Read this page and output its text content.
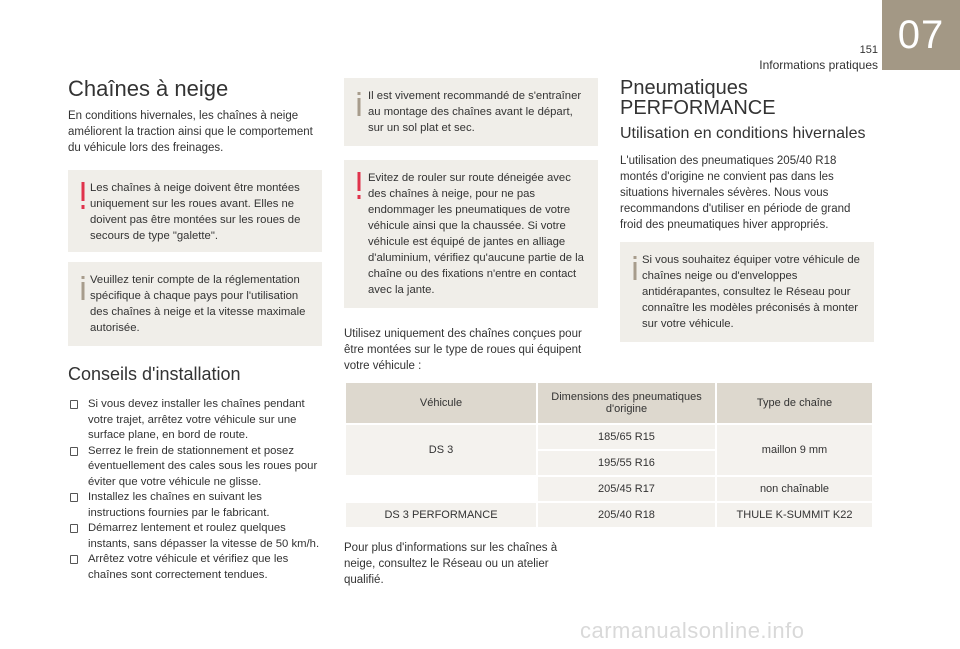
151
Informations pratiques
07
Chaînes à neige
En conditions hivernales, les chaînes à neige améliorent la traction ainsi que le comportement du véhicule lors des freinages.
Les chaînes à neige doivent être montées uniquement sur les roues avant. Elles ne doivent pas être montées sur les roues de secours de type "galette".
Veuillez tenir compte de la réglementation spécifique à chaque pays pour l'utilisation des chaînes à neige et la vitesse maximale autorisée.
Conseils d'installation
Si vous devez installer les chaînes pendant votre trajet, arrêtez votre véhicule sur une surface plane, en bord de route.
Serrez le frein de stationnement et posez éventuellement des cales sous les roues pour éviter que votre véhicule ne glisse.
Installez les chaînes en suivant les instructions fournies par le fabricant.
Démarrez lentement et roulez quelques instants, sans dépasser la vitesse de 50 km/h.
Arrêtez votre véhicule et vérifiez que les chaînes sont correctement tendues.
Il est vivement recommandé de s'entraîner au montage des chaînes avant le départ, sur un sol plat et sec.
Evitez de rouler sur route déneigée avec des chaînes à neige, pour ne pas endommager les pneumatiques de votre véhicule ainsi que la chaussée. Si votre véhicule est équipé de jantes en alliage d'aluminium, vérifiez qu'aucune partie de la chaîne ou des fixations n'entre en contact avec la jante.
Utilisez uniquement des chaînes conçues pour être montées sur le type de roues qui équipent votre véhicule :
Véhicule	Dimensions des pneumatiques d'origine	Type de chaîne
DS 3	185/65 R15	maillon 9 mm
	195/55 R16	
	205/45 R17	non chaînable
DS 3 PERFORMANCE	205/40 R18	THULE K-SUMMIT K22
Pour plus d'informations sur les chaînes à neige, consultez le Réseau ou un atelier qualifié.
Pneumatiques
PERFORMANCE
Utilisation en conditions hivernales
L'utilisation des pneumatiques 205/40 R18 montés d'origine ne convient pas dans les situations hivernales sévères. Nous vous recommandons d'utiliser en période de grand froid des pneumatiques hiver appropriés.
Si vous souhaitez équiper votre véhicule de chaînes neige ou d'enveloppes antidérapantes, consultez le Réseau pour connaître les modèles préconisés à monter sur votre véhicule.
carmanualsonline.info
